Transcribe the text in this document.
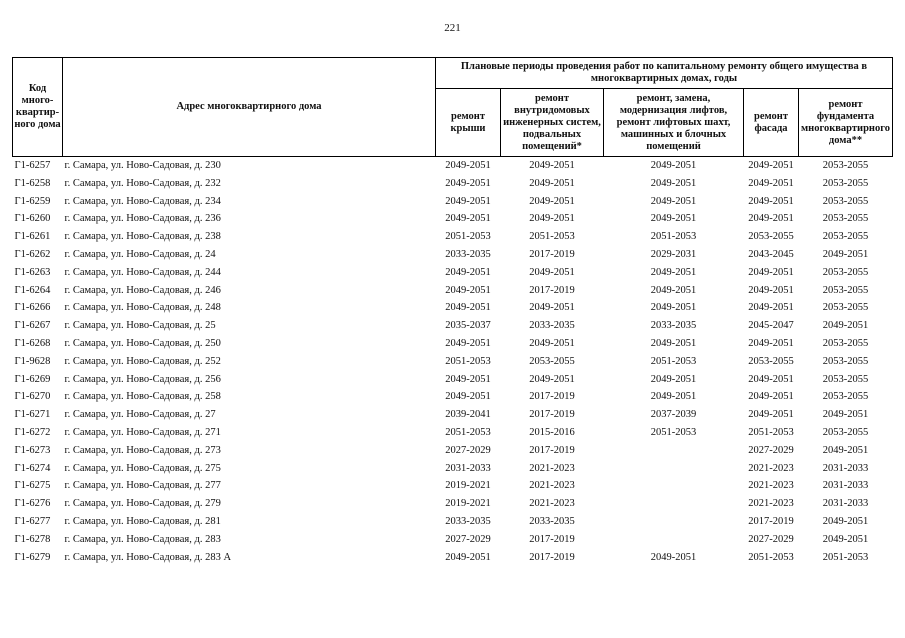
221
Код много-квартир-ного дома	Адрес многоквартирного дома	Плановые периоды проведения работ по капитальному ремонту общего имущества в многоквартирных домах, годы				
		ремонт крыши	ремонт внутридомовых инженерных систем, подвальных помещений*	ремонт, замена, модернизация лифтов, ремонт лифтовых шахт, машинных и блочных помещений	ремонт фасада	ремонт фундамента многоквартирного дома**
Г1-6257	г. Самара, ул. Ново-Садовая, д. 230	2049-2051	2049-2051	2049-2051	2049-2051	2053-2055
Г1-6258	г. Самара, ул. Ново-Садовая, д. 232	2049-2051	2049-2051	2049-2051	2049-2051	2053-2055
Г1-6259	г. Самара, ул. Ново-Садовая, д. 234	2049-2051	2049-2051	2049-2051	2049-2051	2053-2055
Г1-6260	г. Самара, ул. Ново-Садовая, д. 236	2049-2051	2049-2051	2049-2051	2049-2051	2053-2055
Г1-6261	г. Самара, ул. Ново-Садовая, д. 238	2051-2053	2051-2053	2051-2053	2053-2055	2053-2055
Г1-6262	г. Самара, ул. Ново-Садовая, д. 24	2033-2035	2017-2019	2029-2031	2043-2045	2049-2051
Г1-6263	г. Самара, ул. Ново-Садовая, д. 244	2049-2051	2049-2051	2049-2051	2049-2051	2053-2055
Г1-6264	г. Самара, ул. Ново-Садовая, д. 246	2049-2051	2017-2019	2049-2051	2049-2051	2053-2055
Г1-6266	г. Самара, ул. Ново-Садовая, д. 248	2049-2051	2049-2051	2049-2051	2049-2051	2053-2055
Г1-6267	г. Самара, ул. Ново-Садовая, д. 25	2035-2037	2033-2035	2033-2035	2045-2047	2049-2051
Г1-6268	г. Самара, ул. Ново-Садовая, д. 250	2049-2051	2049-2051	2049-2051	2049-2051	2053-2055
Г1-9628	г. Самара, ул. Ново-Садовая, д. 252	2051-2053	2053-2055	2051-2053	2053-2055	2053-2055
Г1-6269	г. Самара, ул. Ново-Садовая, д. 256	2049-2051	2049-2051	2049-2051	2049-2051	2053-2055
Г1-6270	г. Самара, ул. Ново-Садовая, д. 258	2049-2051	2017-2019	2049-2051	2049-2051	2053-2055
Г1-6271	г. Самара, ул. Ново-Садовая, д. 27	2039-2041	2017-2019	2037-2039	2049-2051	2049-2051
Г1-6272	г. Самара, ул. Ново-Садовая, д. 271	2051-2053	2015-2016	2051-2053	2051-2053	2053-2055
Г1-6273	г. Самара, ул. Ново-Садовая, д. 273	2027-2029	2017-2019		2027-2029	2049-2051
Г1-6274	г. Самара, ул. Ново-Садовая, д. 275	2031-2033	2021-2023		2021-2023	2031-2033
Г1-6275	г. Самара, ул. Ново-Садовая, д. 277	2019-2021	2021-2023		2021-2023	2031-2033
Г1-6276	г. Самара, ул. Ново-Садовая, д. 279	2019-2021	2021-2023		2021-2023	2031-2033
Г1-6277	г. Самара, ул. Ново-Садовая, д. 281	2033-2035	2033-2035		2017-2019	2049-2051
Г1-6278	г. Самара, ул. Ново-Садовая, д. 283	2027-2029	2017-2019		2027-2029	2049-2051
Г1-6279	г. Самара, ул. Ново-Садовая, д. 283 А	2049-2051	2017-2019	2049-2051	2051-2053	2051-2053
